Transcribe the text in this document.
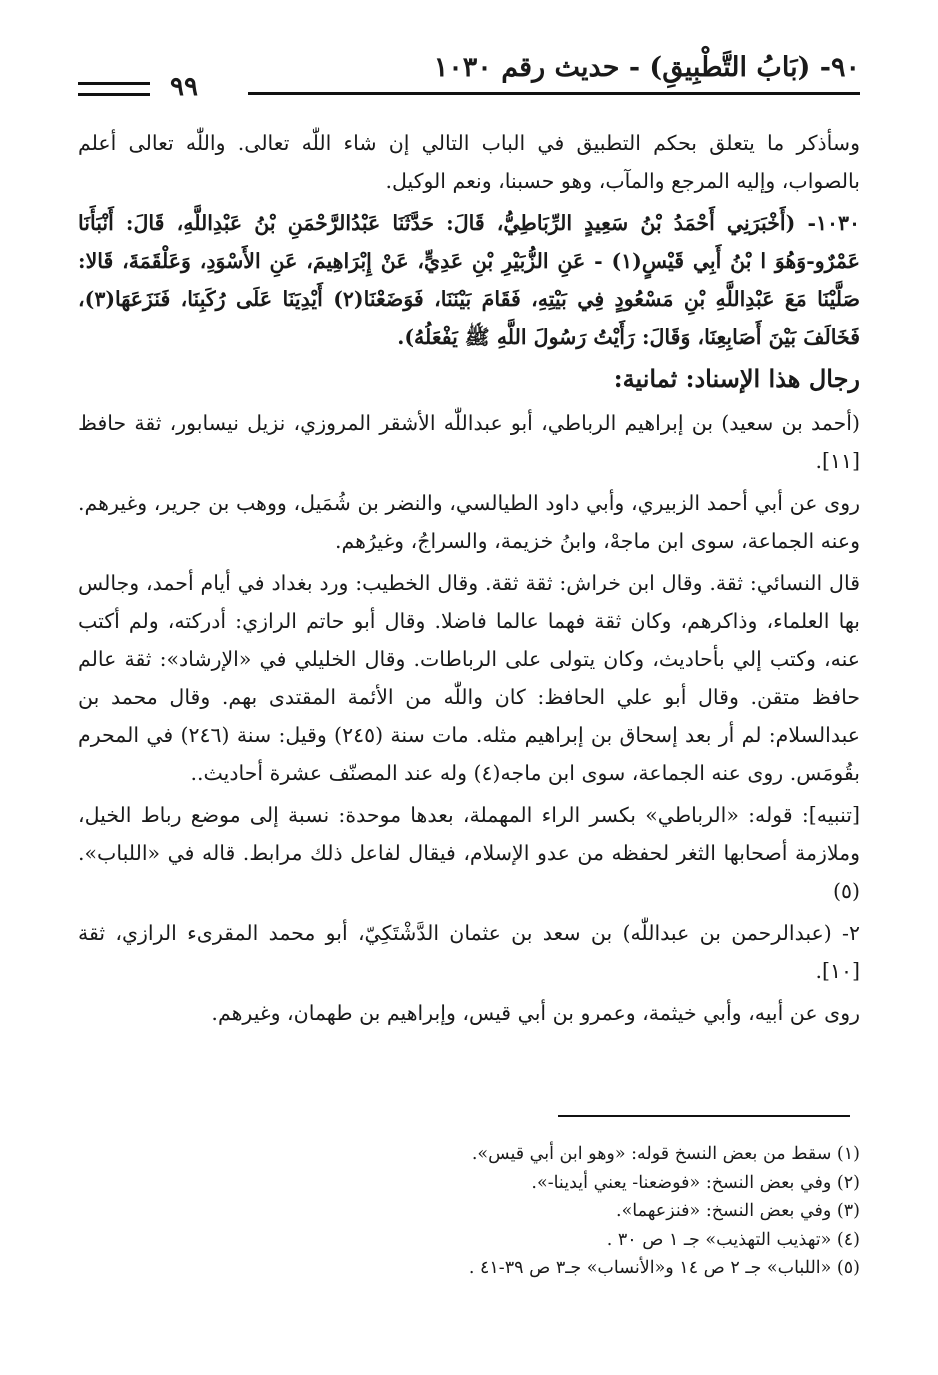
٩٠- (بَابُ التَّطْبِيقِ) - حديث رقم ١٠٣٠
٩٩

وسأذكر ما يتعلق بحكم التطبيق في الباب التالي إن شاء اللّٰه تعالى. واللّٰه تعالى أعلم بالصواب، وإليه المرجع والمآب، وهو حسبنا، ونعم الوكيل.

١٠٣٠- (أَخْبَرَنِي أَحْمَدُ بْنُ سَعِيدٍ الرِّبَاطِيُّ، قَالَ: حَدَّثَنَا عَبْدُالرَّحْمَنِ بْنُ عَبْدِاللَّهِ، قَالَ: أَنْبَأَنَا عَمْرٌو-وَهُوَ ا بْنُ أَبِي قَيْسٍ(١) - عَنِ الزُّبَيْرِ بْنِ عَدِيٍّ، عَنْ إِبْرَاهِيمَ، عَنِ الأَسْوَدِ، وَعَلْقَمَةَ، قَالا: صَلَّيْنَا مَعَ عَبْدِاللَّهِ بْنِ مَسْعُودٍ فِي بَيْتِهِ، فَقَامَ بَيْنَنَا، فَوَضَعْنَا(٢) أَيْدِيَنَا عَلَى رُكَبِنَا، فَنَزَعَهَا(٣)، فَخَالَفَ بَيْنَ أَصَابِعِنَا، وَقَالَ: رَأَيْتُ رَسُولَ اللَّهِ ﷺ يَفْعَلُهُ).

رجال هذا الإسناد: ثمانية:

(أحمد بن سعيد) بن إبراهيم الرباطي، أبو عبداللّٰه الأشقر المروزي، نزيل نيسابور، ثقة حافظ [١١].

روى عن أبي أحمد الزبيري، وأبي داود الطيالسي، والنضر بن شُمَيل، ووهب بن جرير، وغيرهم. وعنه الجماعة، سوى ابن ماجهْ، وابنُ خزيمة، والسراجُ، وغيرُهم.

قال النسائي: ثقة. وقال ابن خراش: ثقة ثقة. وقال الخطيب: ورد بغداد في أيام أحمد، وجالس بها العلماء، وذاكرهم، وكان ثقة فهما عالما فاضلا. وقال أبو حاتم الرازي: أدركته، ولم أكتب عنه، وكتب إلي بأحاديث، وكان يتولى على الرباطات. وقال الخليلي في «الإرشاد»: ثقة عالم حافظ متقن. وقال أبو علي الحافظ: كان واللّٰه من الأئمة المقتدى بهم. وقال محمد بن عبدالسلام: لم أر بعد إسحاق بن إبراهيم مثله. مات سنة (٢٤٥) وقيل: سنة (٢٤٦) في المحرم بقُومَس. روى عنه الجماعة، سوى ابن ماجه(٤) وله عند المصنّف عشرة أحاديث..

[تنبيه]: قوله: «الرباطي» بكسر الراء المهملة، بعدها موحدة: نسبة إلى موضع رباط الخيل، وملازمة أصحابها الثغر لحفظه من عدو الإسلام، فيقال لفاعل ذلك مرابط. قاله في «اللباب».(٥)

٢- (عبدالرحمن بن عبداللّٰه) بن سعد بن عثمان الدَّشْتَكِيّ، أبو محمد المقرىء الرازي، ثقة [١٠].

روى عن أبيه، وأبي خيثمة، وعمرو بن أبي قيس، وإبراهيم بن طهمان، وغيرهم.

(١) سقط من بعض النسخ قوله: «وهو ابن أبي قيس».
(٢) وفي بعض النسخ: «فوضعنا- يعني أيدينا-».
(٣) وفي بعض النسخ: «فنزعهما».
(٤) «تهذيب التهذيب» جـ ١ ص ٣٠ .
(٥) «اللباب» جـ ٢ ص ١٤ و«الأنساب» جـ٣ ص ٣٩-٤١ .
